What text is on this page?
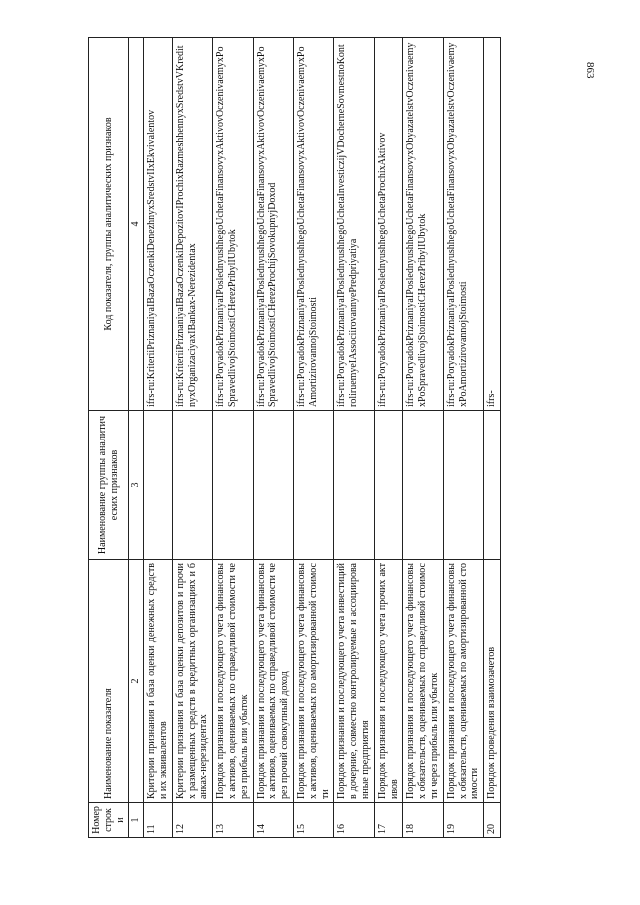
863
Номер строки	Наименование показателя	Наименование группы аналитических признаков	Код показателя, группы аналитических признаков
1	2	3	4
11	Критерии признания и база оценки денежных средств и их эквивалентов		ifrs-ru:KriteriiPriznaniyaIBazaOczenkiDenezhnyxSredstvIIxEkvivalentov
12	Критерии признания и база оценки депозитов и прочих размещенных средств в кредитных организациях и банках-нерезидентах		ifrs-ru:KriteriiPriznaniyaIBazaOczenkiDepozitovIProchixRazmeshhennyxSredstvVKreditnyxOrganizaciyaxIBankax-Nerezidentax
13	Порядок признания и последующего учета финансовых активов, оцениваемых по справедливой стоимости через прибыль или убыток		ifrs-ru:PoryadokPriznaniyaIPoslednyushhegoUchetaFinansovyxAktivovOczenivaemyxPoSpravedlivojStoimostiCHerezPribylIUbytok
14	Порядок признания и последующего учета финансовых активов, оцениваемых по справедливой стоимости через прочий совокупный доход		ifrs-ru:PoryadokPriznaniyaIPoslednyushhegoUchetaFinansovyxAktivovOczenivaemyxPoSpravedlivojStoimostiCHerezProchijSovokupnyjDoxod
15	Порядок признания и последующего учета финансовых активов, оцениваемых по амортизированной стоимости		ifrs-ru:PoryadokPriznaniyaIPoslednyushhegoUchetaFinansovyxAktivovOczenivaemyxPoAmortizirovannojStoimosti
16	Порядок признания и последующего учета инвестиций в дочерние, совместно контролируемые и ассоциированные предприятия		ifrs-ru:PoryadokPriznaniyaIPoslednyushhegoUchetaInvesticzijVDocherneSovmestnoKontroliruemyeIAssociirovannyePredpriyatiya
17	Порядок признания и последующего учета прочих активов		ifrs-ru:PoryadokPriznaniyaIPoslednyushhegoUchetaProchixAktivov
18	Порядок признания и последующего учета финансовых обязательств, оцениваемых по справедливой стоимости через прибыль или убыток		ifrs-ru:PoryadokPriznaniyaIPoslednyushhegoUchetaFinansovyxObyazatelstvOczenivaemyxPoSpravedlivojStoimostiCHerezPribylIUbytok
19	Порядок признания и последующего учета финансовых обязательств, оцениваемых по амортизированной стоимости		ifrs-ru:PoryadokPriznaniyaIPoslednyushhegoUchetaFinansovyxObyazatelstvOczenivaemyxPoAmortizirovannojStoimosti
20	Порядок проведения взаимозачетов		ifrs-
